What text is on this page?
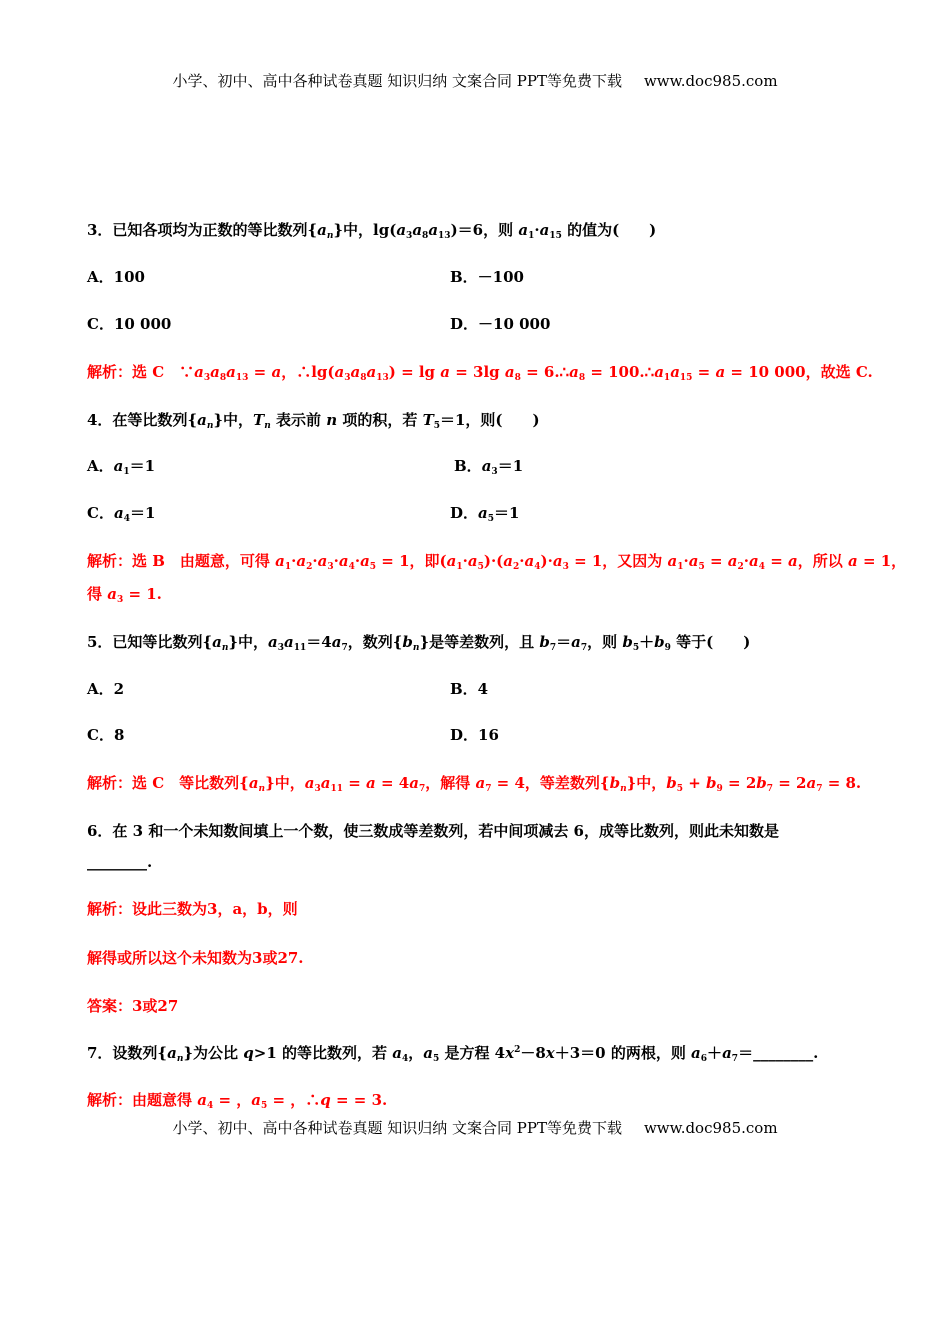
小学、初中、高中各种试卷真题 知识归纳 文案合同 PPT等免费下载 www.doc985.com
3．已知各项均为正数的等比数列$\{a_n\}$中，$\lg(a_3a_8a_{13})=6$，则 $a_1\cdot a_{15}$ 的值为(　　)
A．100	B．－100
C．10 000	D．－10 000
解析：选 C　$\because a_3a_8a_{13} = a$，$\therefore\lg(a_3a_8a_{13}) = \lg a = 3\lg$ $a_8$ = $6.\therefore a_8$ = $100.\therefore a_1a_{15} = a = 10$ 000，故选 C.
4．在等比数列$\{a_n\}$中，$T_n$ 表示前 n 项的积，若 $T_5=1$，则(　　)
A．$a_1=1$	B．$a_3=1$
C．$a_4=1$	D．$a_5=1$
解析：选 B　由题意，可得 $a_1\cdot a_2\cdot a_3\cdot a_4\cdot a_5 = 1$，即$(a_1\cdot a_5)\cdot(a_2\cdot a_4)\cdot a_3 = 1$，又因为 $a_1\cdot a_5 = a_2\cdot a_4 = a$，所以 a = 1，
得 $a_3 = 1$.
5．已知等比数列$\{a_n\}$中，$a_3a_{11}=4a_7$，数列$\{b_n\}$是等差数列，且 $b_7=a_7$，则 $b_5+b_9$ 等于(　　)
A．2	B．4
C．8	D．16
解析：选 C　等比数列$\{a_n\}$中，$a_3a_{11} = a = 4a_7$，解得 $a_7 = 4$，等差数列$\{b_n\}$中，$b_5 + b_9 = 2b_7 = 2a_7 = 8$.
6．在 3 和一个未知数间填上一个数，使三数成等差数列，若中间项减去 6，成等比数列，则此未知数是
________.
解析：设此三数为3，a，b，则
解得或所以这个未知数为3或27.
答案：3或27
7．设数列$\{a_n\}$为公比 q>1 的等比数列，若 $a_4$，$a_5$ 是方程 $4x^2-8x+3=0$ 的两根，则 $a_6+a_7=\_\_\_\_\_\_\_\_$.
解析：由题意得 $a_4$ = ，$a_5$ = ，∴q = = 3.
小学、初中、高中各种试卷真题 知识归纳 文案合同 PPT等免费下载 www.doc985.com
